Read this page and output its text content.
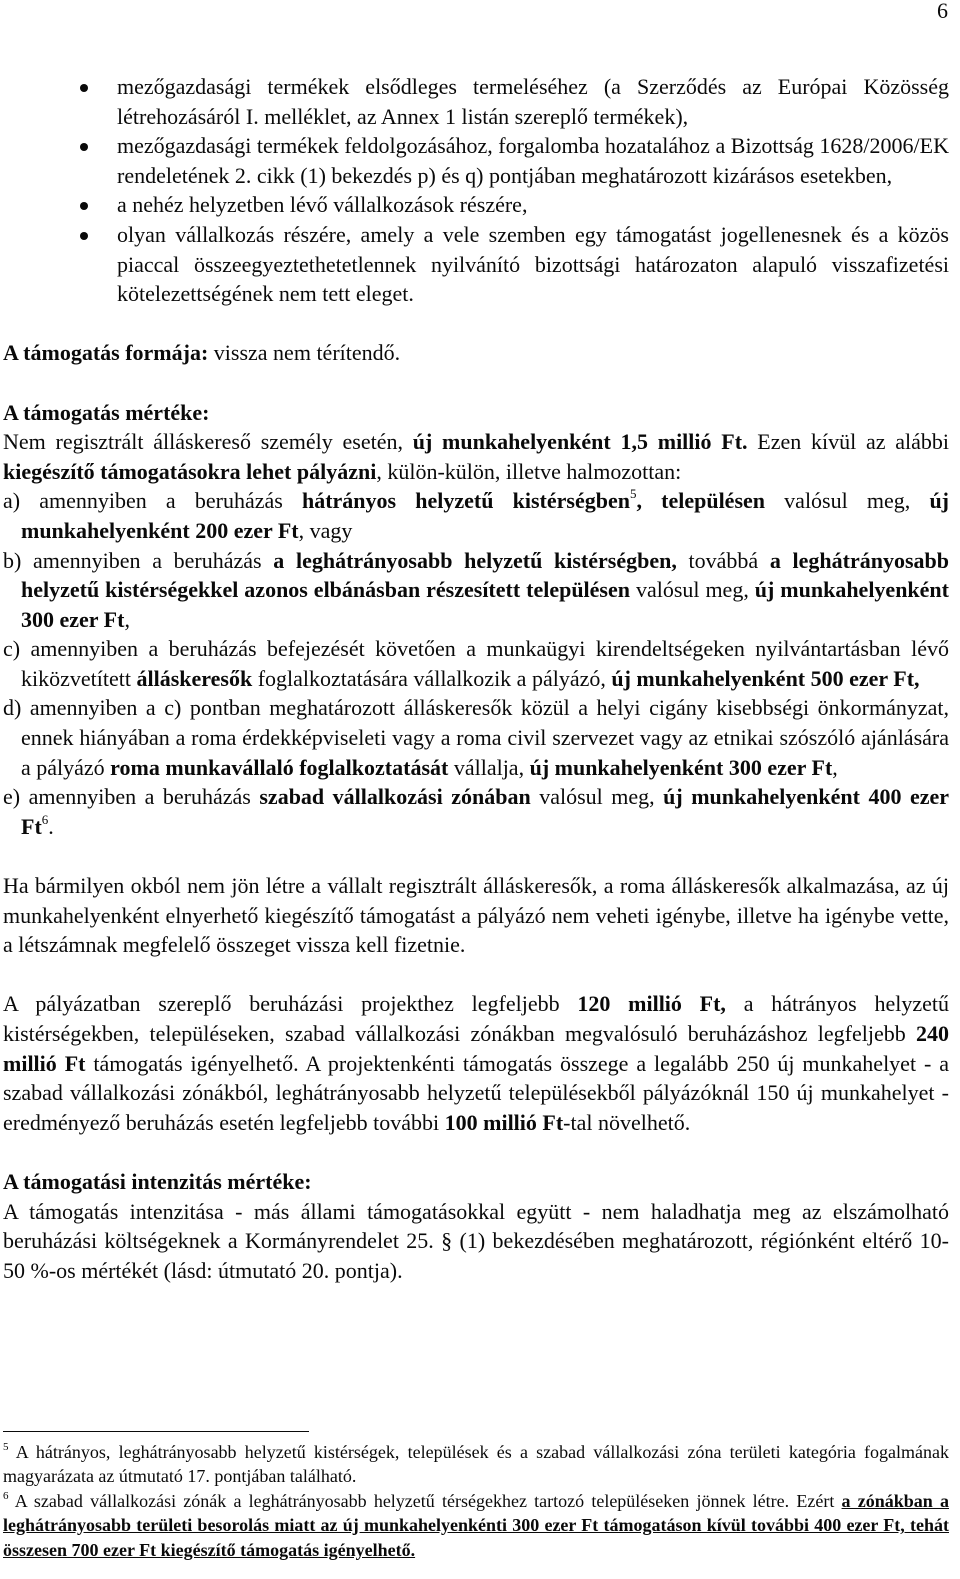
6
mezőgazdasági termékek elsődleges termeléséhez (a Szerződés az Európai Közösség létrehozásáról I. melléklet, az Annex 1 listán szereplő termékek),
mezőgazdasági termékek feldolgozásához, forgalomba hozatalához a Bizottság 1628/2006/EK rendeletének 2. cikk (1) bekezdés p) és q) pontjában meghatározott kizárásos esetekben,
a nehéz helyzetben lévő vállalkozások részére,
olyan vállalkozás részére, amely a vele szemben egy támogatást jogellenesnek és a közös piaccal összeegyeztethetetlennek nyilvánító bizottsági határozaton alapuló visszafizetési kötelezettségének nem tett eleget.

A támogatás formája: vissza nem térítendő.

A támogatás mértéke:

Nem regisztrált álláskereső személy esetén, új munkahelyenként 1,5 millió Ft. Ezen kívül az alábbi kiegészítő támogatásokra lehet pályázni, külön-külön, illetve halmozottan:

a) amennyiben a beruházás hátrányos helyzetű kistérségben$^5$, településen valósul meg, új munkahelyenként 200 ezer Ft, vagy

b) amennyiben a beruházás a leghátrányosabb helyzetű kistérségben, továbbá a leghátrányosabb helyzetű kistérségekkel azonos elbánásban részesített településen valósul meg, új munkahelyenként 300 ezer Ft,

c) amennyiben a beruházás befejezését követően a munkaügyi kirendeltségeken nyilvántartásban lévő kiközvetített álláskeresők foglalkoztatására vállalkozik a pályázó, új munkahelyenként 500 ezer Ft,

d) amennyiben a c) pontban meghatározott álláskeresők közül a helyi cigány kisebbségi önkormányzat, ennek hiányában a roma érdekképviseleti vagy a roma civil szervezet vagy az etnikai szószóló ajánlására a pályázó roma munkavállaló foglalkoztatását vállalja, új munkahelyenként 300 ezer Ft,

e) amennyiben a beruházás szabad vállalkozási zónában valósul meg, új munkahelyenként 400 ezer Ft$^6$.

Ha bármilyen okból nem jön létre a vállalt regisztrált álláskeresők, a roma álláskeresők alkalmazása, az új munkahelyenként elnyerhető kiegészítő támogatást a pályázó nem veheti igénybe, illetve ha igénybe vette, a létszámnak megfelelő összeget vissza kell fizetnie.

A pályázatban szereplő beruházási projekthez legfeljebb 120 millió Ft, a hátrányos helyzetű kistérségekben, településeken, szabad vállalkozási zónákban megvalósuló beruházáshoz legfeljebb 240 millió Ft támogatás igényelhető. A projektenkénti támogatás összege a legalább 250 új munkahelyet - a szabad vállalkozási zónákból, leghátrányosabb helyzetű településekből pályázóknál 150 új munkahelyet - eredményező beruházás esetén legfeljebb további 100 millió Ft-tal növelhető.

A támogatási intenzitás mértéke:

A támogatás intenzitása - más állami támogatásokkal együtt - nem haladhatja meg az elszámolható beruházási költségeknek a Kormányrendelet 25. § (1) bekezdésében meghatározott, régiónként eltérő 10-50 %-os mértékét (lásd: útmutató 20. pontja).

$^5$ A hátrányos, leghátrányosabb helyzetű kistérségek, települések és a szabad vállalkozási zóna területi kategória fogalmának magyarázata az útmutató 17. pontjában található.

$^6$ A szabad vállalkozási zónák a leghátrányosabb helyzetű térségekhez tartozó településeken jönnek létre. Ezért a zónákban a leghátrányosabb területi besorolás miatt az új munkahelyenkénti 300 ezer Ft támogatáson kívül további 400 ezer Ft, tehát összesen 700 ezer Ft kiegészítő támogatás igényelhető.
